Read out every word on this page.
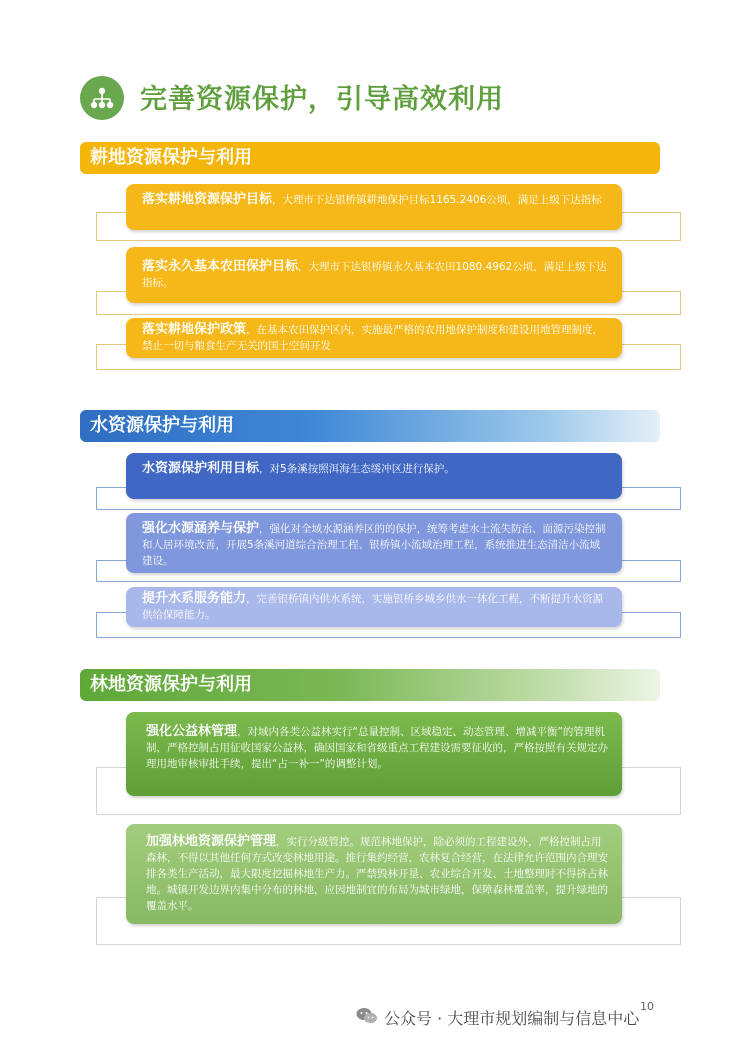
完善资源保护，引导高效利用
耕地资源保护与利用
落实耕地资源保护目标，大理市下达银桥镇耕地保护目标1165.2406公顷，满足上级下达指标
落实永久基本农田保护目标，大理市下达银桥镇永久基本农田1080.4962公顷，满足上级下达指标。
落实耕地保护政策，在基本农田保护区内，实施最严格的农用地保护制度和建设用地管理制度，禁止一切与粮食生产无关的国土空间开发
水资源保护与利用
水资源保护利用目标，对5条溪按照洱海生态缓冲区进行保护。
强化水源涵养与保护，强化对全域水源涵养区的的保护，统筹考虑水土流失防治、面源污染控制和人居环境改善，开展5条溪河道综合治理工程、银桥镇小流域治理工程，系统推进生态清洁小流域建设。
提升水系服务能力，完善银桥镇内供水系统，实施银桥乡城乡供水一体化工程，不断提升水资源供给保障能力。
林地资源保护与利用
强化公益林管理，对域内各类公益林实行“总量控制、区域稳定、动态管理、增减平衡”的管理机制，严格控制占用征收国家公益林，确因国家和省级重点工程建设需要征收的，严格按照有关规定办理用地审核审批手续，提出“占一补一”的调整计划。
加强林地资源保护管理，实行分级管控。规范林地保护，除必须的工程建设外，严格控制占用森林，不得以其他任何方式改变林地用途。推行集约经营，农林复合经营，在法律允许范围内合理安排各类生产活动，最大限度挖掘林地生产力。严禁毁林开垦、农业综合开发、土地整理时不得挤占林地。城镇开发边界内集中分布的林地，应因地制宜的布局为城市绿地，保障森林覆盖率，提升绿地的覆盖水平。
10
公众号 · 大理市规划编制与信息中心
